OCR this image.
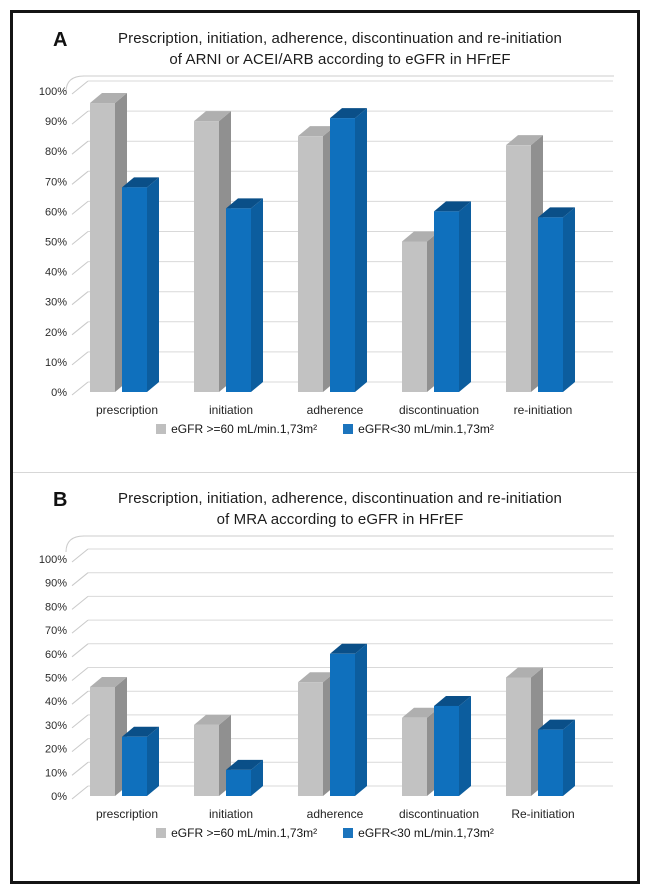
A	Prescription, initiation, adherence, discontinuation and re-initiation
of ARNI or ACEI/ARB according to eGFR in HFrEF
0%
10%
20%
30%
40%
50%
60%
70%
80%
90%
100%
prescription	initiation	adherence	discontinuation	re-initiation
eGFR >=60 mL/min.1,73m²	eGFR<30 mL/min.1,73m²
B	Prescription, initiation, adherence, discontinuation and re-initiation
of MRA according to eGFR in HFrEF
0%
10%
20%
30%
40%
50%
60%
70%
80%
90%
100%
prescription	initiation	adherence	discontinuation	Re-initiation
eGFR >=60 mL/min.1,73m²	eGFR<30 mL/min.1,73m²
